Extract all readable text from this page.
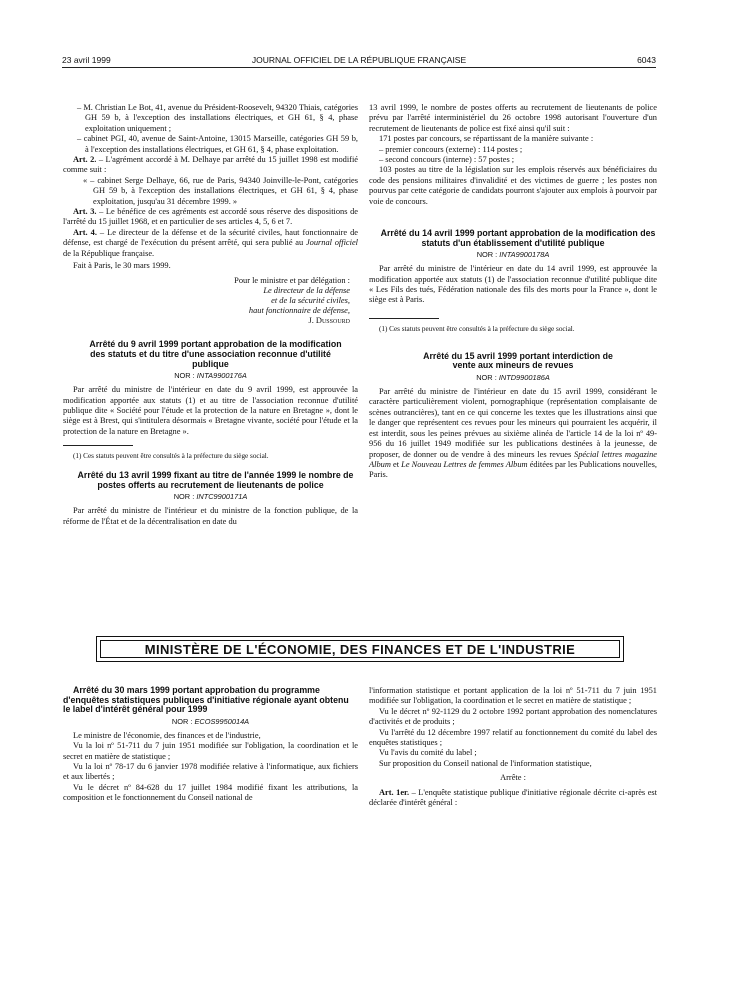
23 avril 1999	JOURNAL OFFICIEL DE LA RÉPUBLIQUE FRANÇAISE	6043
– M. Christian Le Bot, 41, avenue du Président-Roosevelt, 94320 Thiais, catégories GH 59 b, à l'exception des installations électriques, et GH 61, § 4, phase exploitation uniquement ;
– cabinet PGI, 40, avenue de Saint-Antoine, 13015 Marseille, catégories GH 59 b, à l'exception des installations électriques, et GH 61, § 4, phase exploitation.

Art. 2. – L'agrément accordé à M. Delhaye par arrêté du 15 juillet 1998 est modifié comme suit :

« – cabinet Serge Delhaye, 66, rue de Paris, 94340 Joinville-le-Pont, catégories GH 59 b, à l'exception des installations électriques, et GH 61, § 4, phase exploitation, jusqu'au 31 décembre 1999. »

Art. 3. – Le bénéfice de ces agréments est accordé sous réserve des dispositions de l'arrêté du 15 juillet 1968, et en particulier de ses articles 4, 5, 6 et 7.

Art. 4. – Le directeur de la défense et de la sécurité civiles, haut fonctionnaire de défense, est chargé de l'exécution du présent arrêté, qui sera publié au Journal officiel de la République française.

Fait à Paris, le 30 mars 1999.

Pour le ministre et par délégation :
Le directeur de la défense
et de la sécurité civiles,
haut fonctionnaire de défense,
J. Dussourd

Arrêté du 9 avril 1999 portant approbation de la modification des statuts et du titre d'une association reconnue d'utilité publique

NOR : INTA9900176A

Par arrêté du ministre de l'intérieur en date du 9 avril 1999, est approuvée la modification apportée aux statuts (1) et au titre de l'association reconnue d'utilité publique dite « Société pour l'étude et la protection de la nature en Bretagne », dont le siège est à Brest, qui s'intitulera désormais « Bretagne vivante, société pour l'étude et la protection de la nature en Bretagne ».

(1) Ces statuts peuvent être consultés à la préfecture du siège social.

Arrêté du 13 avril 1999 fixant au titre de l'année 1999 le nombre de postes offerts au recrutement de lieutenants de police

NOR : INTC9900171A

Par arrêté du ministre de l'intérieur et du ministre de la fonction publique, de la réforme de l'État et de la décentralisation en date du

13 avril 1999, le nombre de postes offerts au recrutement de lieutenants de police prévu par l'arrêté interministériel du 26 octobre 1998 autorisant l'ouverture d'un recrutement de lieutenants de police est fixé ainsi qu'il suit :

171 postes par concours, se répartissant de la manière suivante :

– premier concours (externe) : 114 postes ;

– second concours (interne) : 57 postes ;

103 postes au titre de la législation sur les emplois réservés aux bénéficiaires du code des pensions militaires d'invalidité et des victimes de guerre ; les postes non pourvus par cette catégorie de candidats pourront s'ajouter aux emplois à pourvoir par voie de concours.

Arrêté du 14 avril 1999 portant approbation de la modification des statuts d'un établissement d'utilité publique

NOR : INTA9900178A

Par arrêté du ministre de l'intérieur en date du 14 avril 1999, est approuvée la modification apportée aux statuts (1) de l'association reconnue d'utilité publique dite « Les Fils des tués, Fédération nationale des fils des morts pour la France », dont le siège est à Paris.

(1) Ces statuts peuvent être consultés à la préfecture du siège social.

Arrêté du 15 avril 1999 portant interdiction de vente aux mineurs de revues

NOR : INTD9900186A

Par arrêté du ministre de l'intérieur en date du 15 avril 1999, considérant le caractère particulièrement violent, pornographique (représentation complaisante de scènes outrancières), tant en ce qui concerne les textes que les illustrations ainsi que le danger que représentent ces revues pour les mineurs qui pourraient les acquérir, il est interdit, sous les peines prévues au sixième alinéa de l'article 14 de la loi nº 49-956 du 16 juillet 1949 modifiée sur les publications destinées à la jeunesse, de proposer, de donner ou de vendre à des mineurs les revues Spécial lettres magazine Album et Le Nouveau Lettres de femmes Album éditées par les Publications nouvelles, Paris.

MINISTÈRE DE L'ÉCONOMIE, DES FINANCES ET DE L'INDUSTRIE

Arrêté du 30 mars 1999 portant approbation du programme d'enquêtes statistiques publiques d'initiative régionale ayant obtenu le label d'intérêt général pour 1999

NOR : ECOS9950014A

Le ministre de l'économie, des finances et de l'industrie,

Vu la loi nº 51-711 du 7 juin 1951 modifiée sur l'obligation, la coordination et le secret en matière de statistique ;

Vu la loi nº 78-17 du 6 janvier 1978 modifiée relative à l'informatique, aux fichiers et aux libertés ;

Vu le décret nº 84-628 du 17 juillet 1984 modifié fixant les attributions, la composition et le fonctionnement du Conseil national de

l'information statistique et portant application de la loi nº 51-711 du 7 juin 1951 modifiée sur l'obligation, la coordination et le secret en matière de statistique ;

Vu le décret nº 92-1129 du 2 octobre 1992 portant approbation des nomenclatures d'activités et de produits ;

Vu l'arrêté du 12 décembre 1997 relatif au fonctionnement du comité du label des enquêtes statistiques ;

Vu l'avis du comité du label ;

Sur proposition du Conseil national de l'information statistique,

Arrête :

Art. 1er. – L'enquête statistique publique d'initiative régionale décrite ci-après est déclarée d'intérêt général :
